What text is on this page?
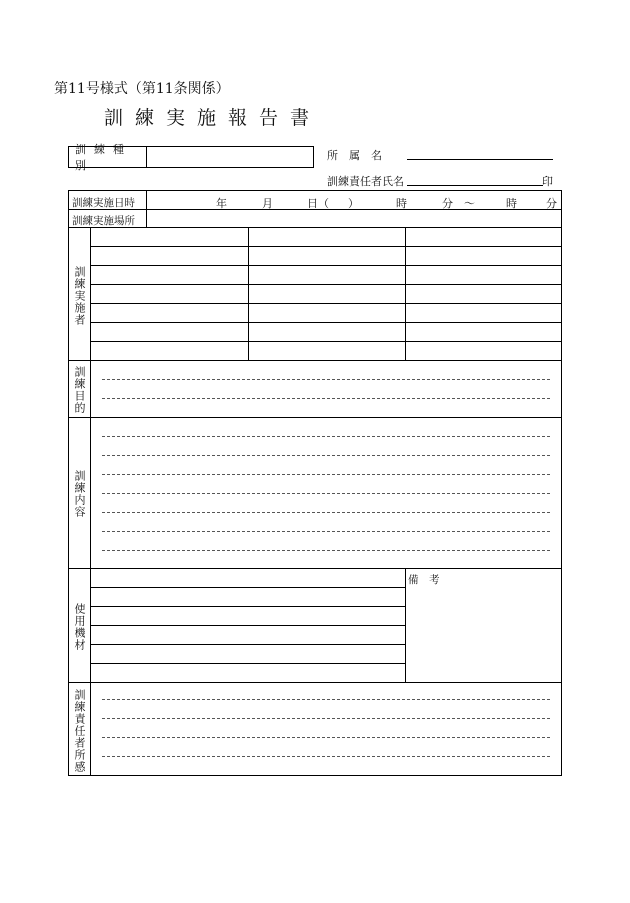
第11号様式（第11条関係）
訓練実施報告書
訓練種別
所　属　名
訓練責任者氏名	印
訓練実施日時	年	月	日（ ）	時	分 〜	時	分
訓練実施場所
訓練実施者
訓練目的
訓練内容
使用機材
備　考
訓練責任者所感
